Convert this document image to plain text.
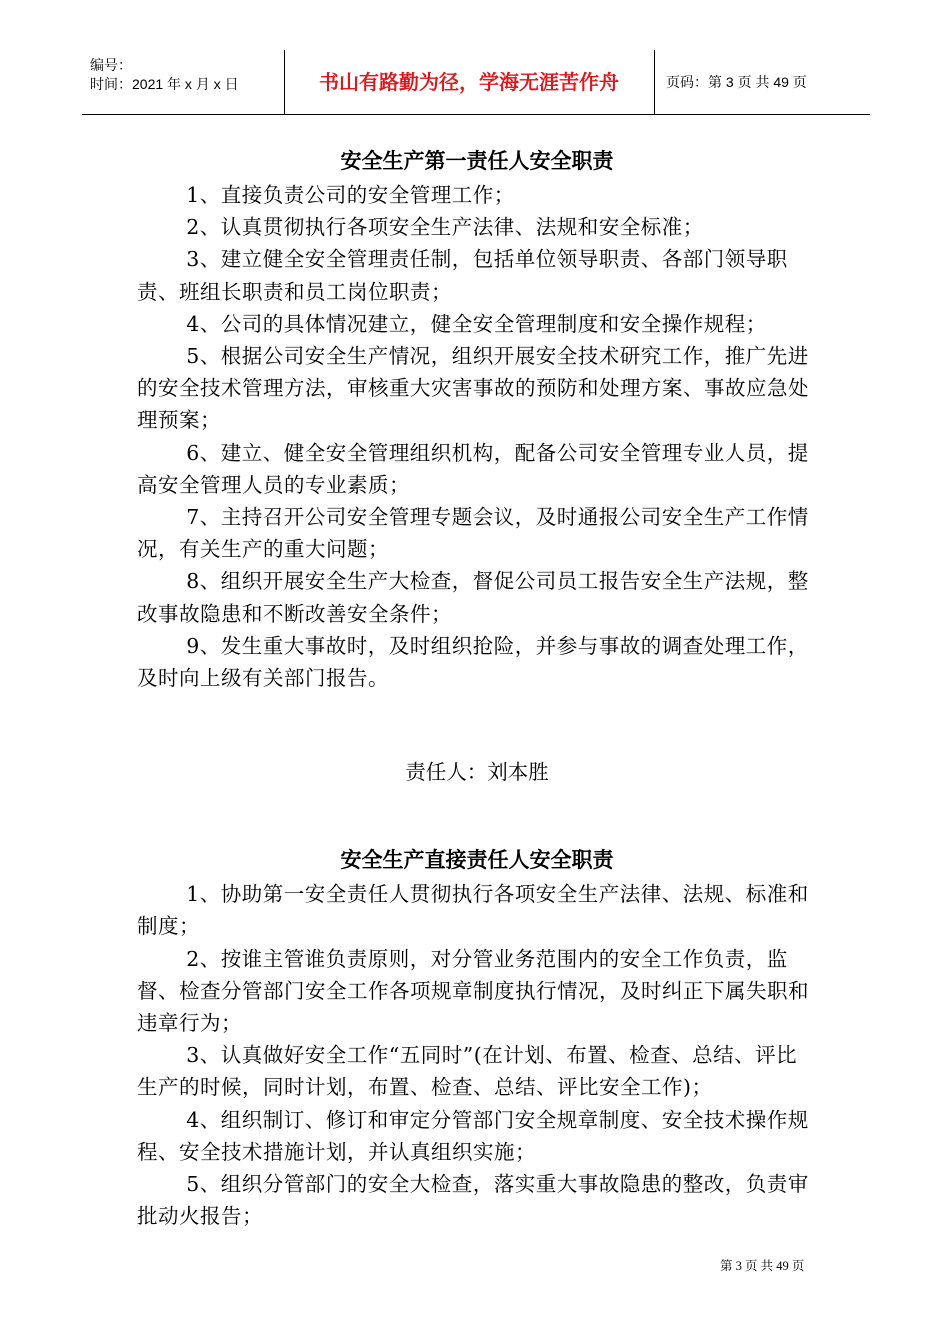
编号：
时间：2021 年 x 月 x 日	书山有路勤为径，学海无涯苦作舟	页码：第 3 页 共 49 页

安全生产第一责任人安全职责

1、直接负责公司的安全管理工作；

2、认真贯彻执行各项安全生产法律、法规和安全标准；

3、建立健全安全管理责任制，包括单位领导职责、各部门领导职责、班组长职责和员工岗位职责；

4、公司的具体情况建立，健全安全管理制度和安全操作规程；

5、根据公司安全生产情况，组织开展安全技术研究工作，推广先进的安全技术管理方法，审核重大灾害事故的预防和处理方案、事故应急处理预案；

6、建立、健全安全管理组织机构，配备公司安全管理专业人员，提高安全管理人员的专业素质；

7、主持召开公司安全管理专题会议，及时通报公司安全生产工作情况，有关生产的重大问题；

8、组织开展安全生产大检查，督促公司员工报告安全生产法规，整改事故隐患和不断改善安全条件；

9、发生重大事故时，及时组织抢险，并参与事故的调查处理工作，及时向上级有关部门报告。

责任人：刘本胜

安全生产直接责任人安全职责

1、协助第一安全责任人贯彻执行各项安全生产法律、法规、标准和制度；

2、按谁主管谁负责原则，对分管业务范围内的安全工作负责，监督、检查分管部门安全工作各项规章制度执行情况，及时纠正下属失职和违章行为；

3、认真做好安全工作“五同时”(在计划、布置、检查、总结、评比生产的时候，同时计划，布置、检查、总结、评比安全工作)；

4、组织制订、修订和审定分管部门安全规章制度、安全技术操作规程、安全技术措施计划，并认真组织实施；

5、组织分管部门的安全大检查，落实重大事故隐患的整改，负责审批动火报告；

第 3 页 共 49 页
